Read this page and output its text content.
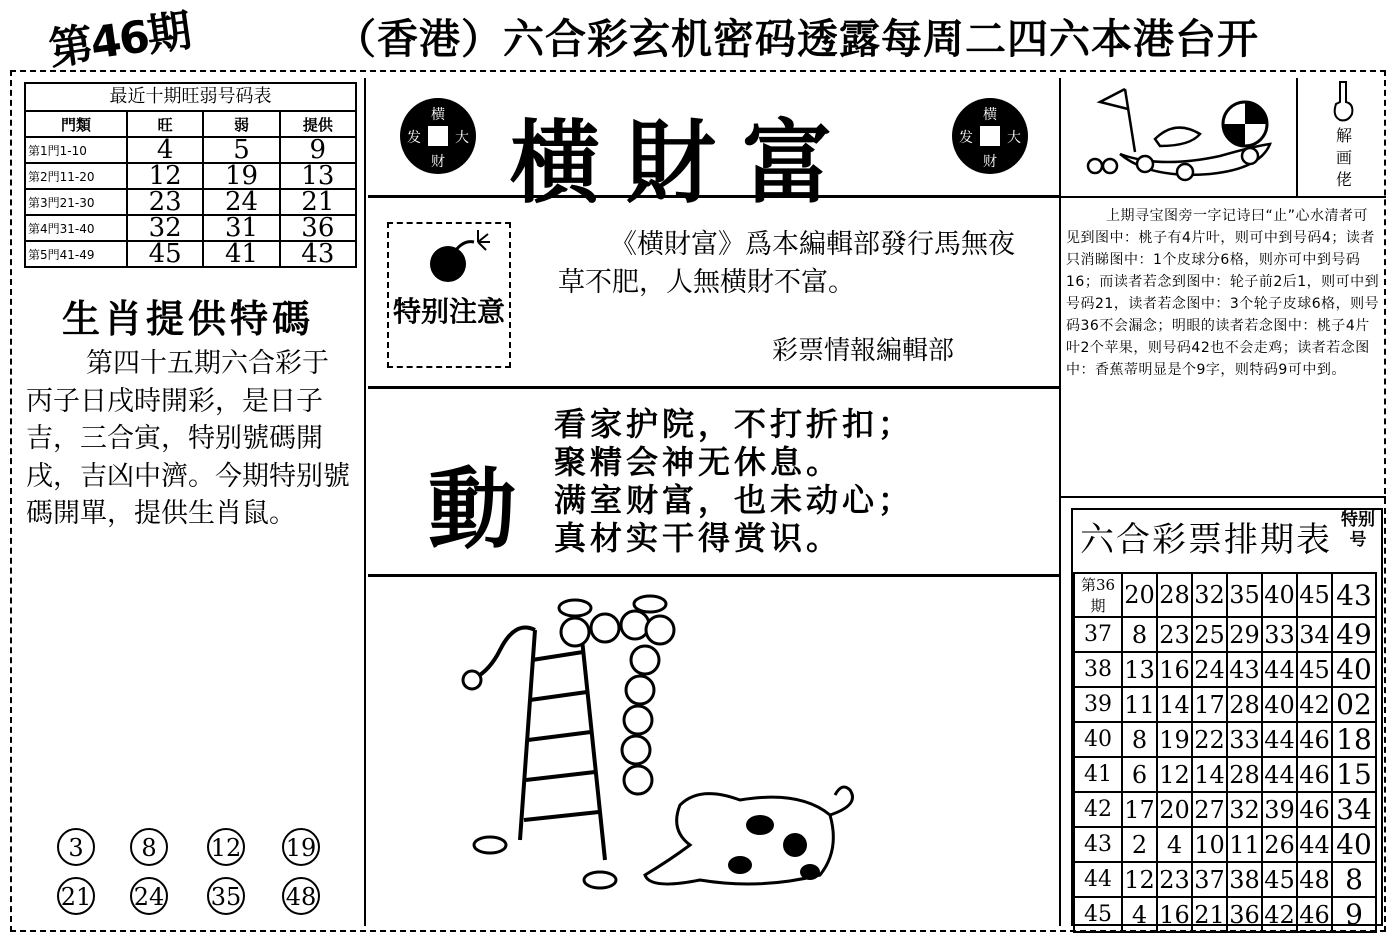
第46期	（香港）六合彩玄机密码透露每周二四六本港台开
最近十期旺弱号码表
門類	旺	弱	提供
第1門1-10	4	5	9
第2門11-20	12	19	13
第3門21-30	23	24	21
第4門31-40	32	31	36
第5門41-49	45	41	43
生肖提供特碼
第四十五期六合彩于丙子日戌時開彩，是日子吉，三合寅，特别號碼開戌，吉凶中濟。今期特别號碼開單，提供生肖鼠。
3	8	12 19
21 24 35 48
横
大
财
发 横財富	横
大
财
发
特别注意
《横財富》爲本編輯部發行馬無夜草不肥，人無横財不富。
彩票情報編輯部
動
看家护院，不打折扣；
聚精会神无休息。
满室财富，也未动心；
真材实干得赏识。
解画佬
上期寻宝图旁一字记诗曰“止”心水清者可见到图中：桃子有4片叶，则可中到号码4；读者只消睇图中：1个皮球分6格，则亦可中到号码16；而读者若念到图中：轮子前2后1，则可中到号码21，读者若念图中：3个轮子皮球6格，则号码36不会漏念；明眼的读者若念图中：桃子4片叶2个苹果，则号码42也不会走鸡；读者若念图中：香蕉蒂明显是个9字，则特码9可中到。
六合彩票排期表 特别号
第36期	20	28	32	35	40	45	43
37	8	23	25	29	33	34	49
38	13	16	24	43	44	45	40
39	11	14	17	28	40	42	02
40	8	19	22	33	44	46	18
41	6	12	14	28	44	46	15
42	17	20	27	32	39	46	34
43	2	4	10	11	26	44	40
44	12	23	37	38	45	48	8
45	4	16	21	36	42	46	9
